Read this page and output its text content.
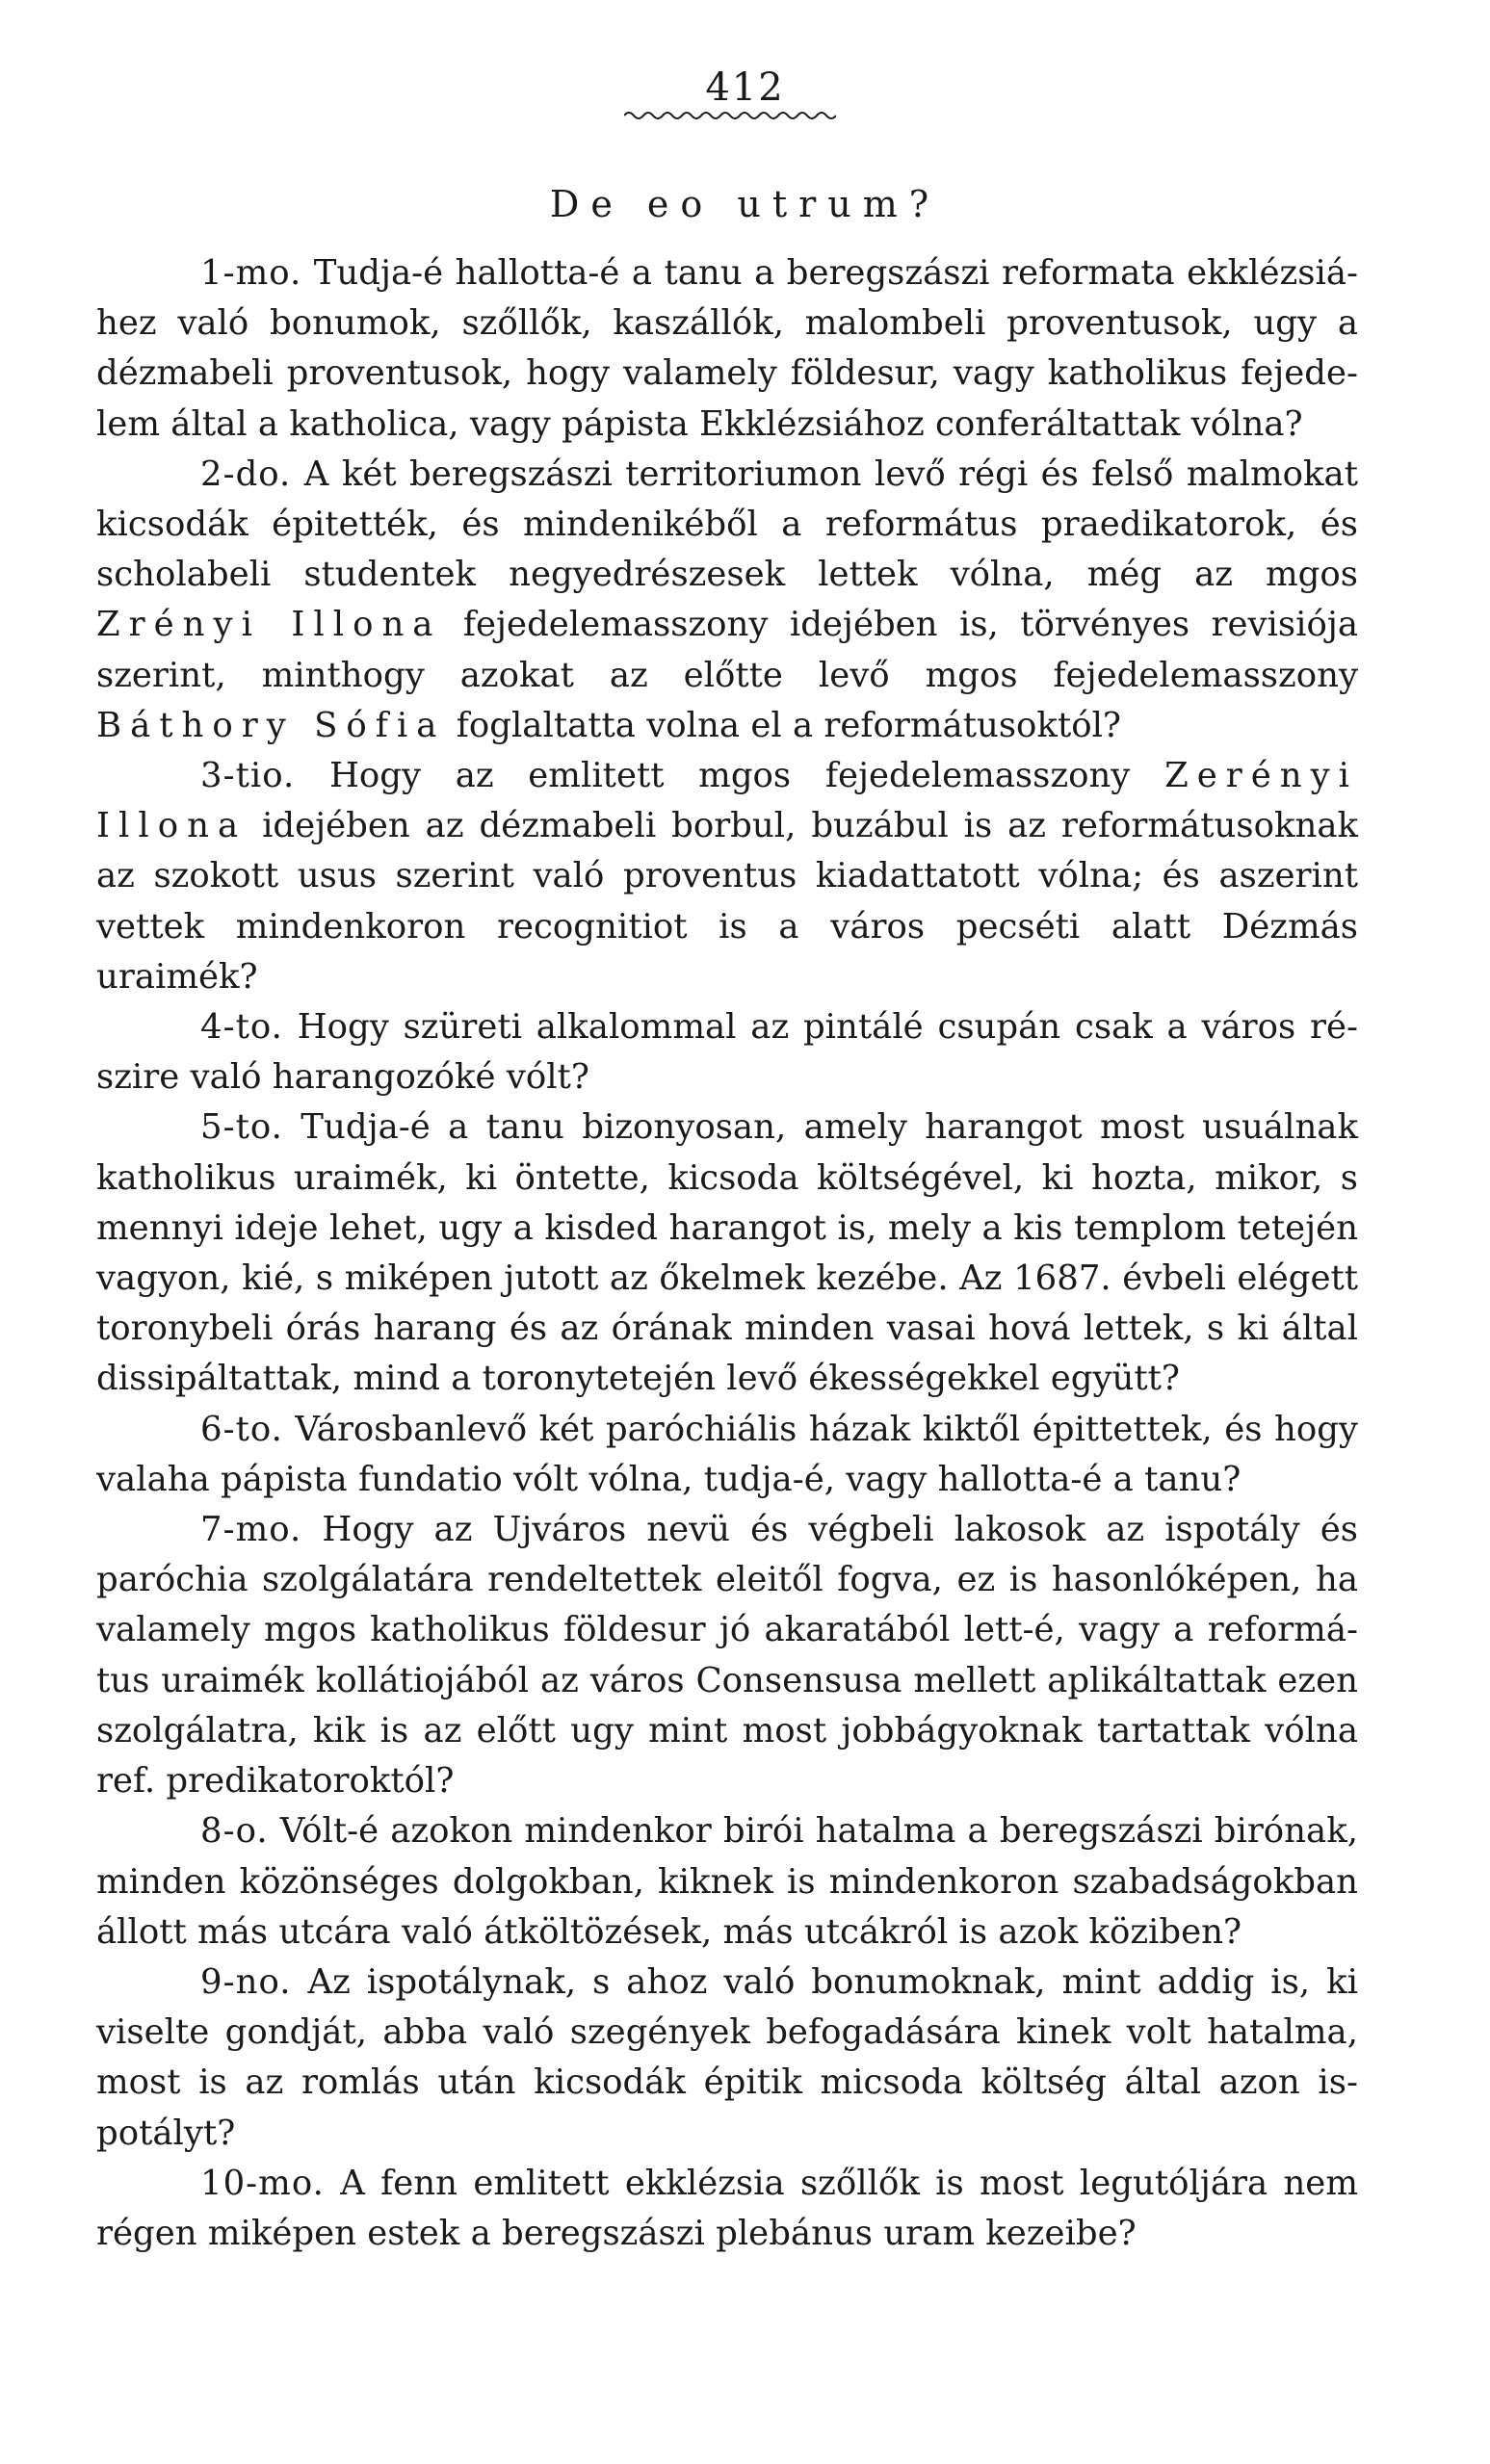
412
De eo utrum?

1-mo. Tudja-é hallotta-é a tanu a beregszászi reformata ekklézsiáhez való bonumok, szőllők, kaszállók, malombeli proventusok, ugy a dézmabeli proventusok, hogy valamely földesur, vagy katholikus fejedelem által a katholica, vagy pápista Ekklézsiához conferáltattak vólna?

2-do. A két beregszászi territoriumon levő régi és felső malmokat kicsodák épitették, és mindenikéből a református praedikatorok, és scholabeli studentek negyedrészesek lettek vólna, még az mgos Zrényi Illona fejedelemasszony idejében is, törvényes revisiója szerint, minthogy azokat az előtte levő mgos fejedelemasszony Báthory Sófia foglaltatta volna el a reformátusoktól?

3-tio. Hogy az emlitett mgos fejedelemasszony Zerényi Illona idejében az dézmabeli borbul, buzábul is az reformátusoknak az szokott usus szerint való proventus kiadattatott vólna; és aszerint vettek mindenkoron recognitiot is a város pecséti alatt Dézmás uraimék?

4-to. Hogy szüreti alkalommal az pintálé csupán csak a város részire való harangozóké vólt?

5-to. Tudja-é a tanu bizonyosan, amely harangot most usuálnak katholikus uraimék, ki öntette, kicsoda költségével, ki hozta, mikor, s mennyi ideje lehet, ugy a kisded harangot is, mely a kis templom tetején vagyon, kié, s miképen jutott az őkelmek kezébe. Az 1687. évbeli elégett toronybeli órás harang és az órának minden vasai hová lettek, s ki által dissipáltattak, mind a toronytetején levő ékességekkel együtt?

6-to. Városbanlevő két paróchiális házak kiktől épittettek, és hogy valaha pápista fundatio vólt vólna, tudja-é, vagy hallotta-é a tanu?

7-mo. Hogy az Ujváros nevü és végbeli lakosok az ispotály és paróchia szolgálatára rendeltettek eleitől fogva, ez is hasonlóképen, ha valamely mgos katholikus földesur jó akaratából lett-é, vagy a református uraimék kollátiojából az város Consensusa mellett aplikáltattak ezen szolgálatra, kik is az előtt ugy mint most jobbágyoknak tartattak vólna ref. predikatoroktól?

8-o. Vólt-é azokon mindenkor birói hatalma a beregszászi birónak, minden közönséges dolgokban, kiknek is mindenkoron szabadságokban állott más utcára való átköltözések, más utcákról is azok köziben?

9-no. Az ispotálynak, s ahoz való bonumoknak, mint addig is, ki viselte gondját, abba való szegények befogadására kinek volt hatalma, most is az romlás után kicsodák épitik micsoda költség által azon ispotályt?

10-mo. A fenn emlitett ekklézsia szőllők is most legutóljára nem régen miképen estek a beregszászi plebánus uram kezeibe?
